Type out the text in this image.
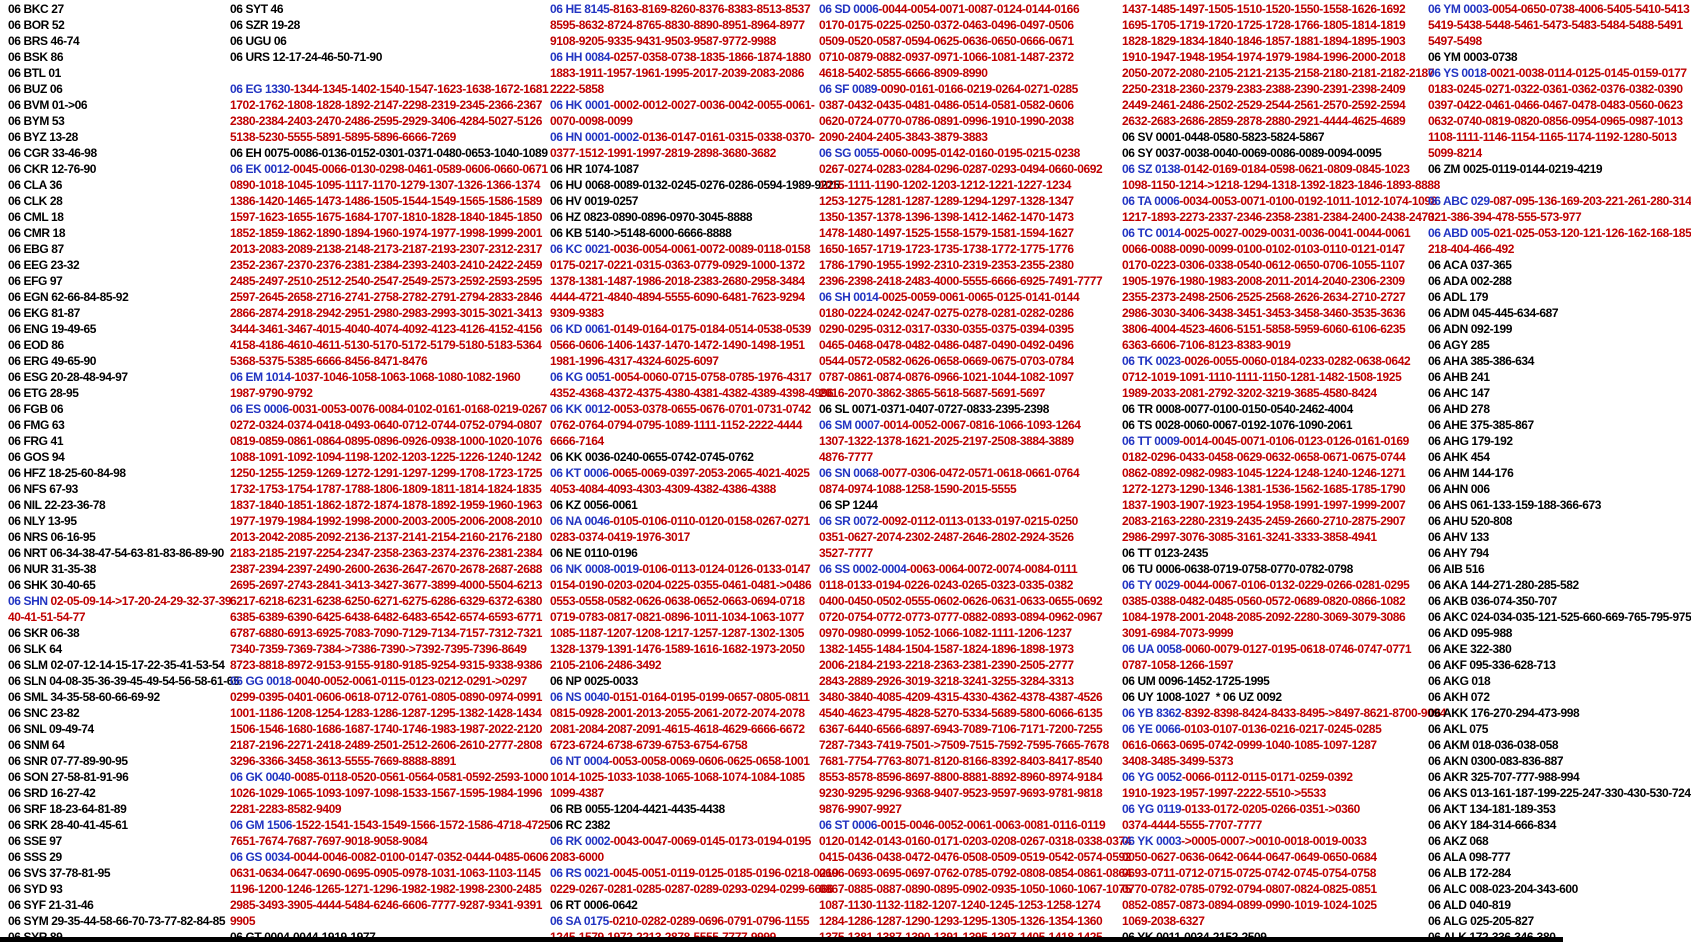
06 BKC 27
06 BOR 52
06 BRS 46-74
06 BSK 86
06 BTL 01
06 BUZ 06
06 BVM 01->06
06 BYM 53
06 BYZ 13-28
06 CGR 33-46-98
06 CKR 12-76-90
06 CLA 36
06 CLK 28
06 CML 18
06 CMR 18
06 EBG 87
06 EEG 23-32
06 EFG 97
06 EGN 62-66-84-85-92
06 EKG 81-87
06 ENG 19-49-65
06 EOD 86
06 ERG 49-65-90
06 ESG 20-28-48-94-97
06 ETG 28-95
06 FGB 06
06 FMG 63
06 FRG 41
06 GOS 94
06 HFZ 18-25-60-84-98
06 NFS 67-93
06 NIL 22-23-36-78
06 NLY 13-95
06 NRS 06-16-95
06 NRT 06-34-38-47-54-63-81-83-86-89-90
06 NUR 31-35-38
06 SHK 30-40-65
06 SHN 02-05-09-14->17-20-24-29-32-37-39
40-41-51-54-77
06 SKR 06-38
06 SLK 64
06 SLM 02-07-12-14-15-17-22-35-41-53-54
06 SLN 04-08-35-36-39-45-49-54-56-58-61-65
06 SML 34-35-58-60-66-69-92
06 SNC 23-82
06 SNL 09-49-74
06 SNM 64
06 SNR 07-77-89-90-95
06 SON 27-58-81-91-96
06 SRD 16-27-42
06 SRF 18-23-64-81-89
06 SRK 28-40-41-45-61
06 SSE 97
06 SSS 29
06 SVS 37-78-81-95
06 SYD 93
06 SYF 21-31-46
06 SYM 29-35-44-58-66-70-73-77-82-84-85
06 SYT 46
06 SZR 19-28
06 UGU 06
06 URS 12-17-24-46-50-71-90

06 EG 1330-1344-1345-1402-1540-1547-1623-1638-1672-1681
1702-1762-1808-1828-1892-2147-2298-2319-2345-2366-2367
2380-2384-2403-2470-2486-2595-2929-3406-4284-5027-5126
5138-5230-5555-5891-5895-5896-6666-7269
06 EH 0075-0086-0136-0152-0301-0371-0480-0653-1040-1089
06 EK 0012-0045-0066-0130-0298-0461-0589-0606-0660-0671
0890-1018-1045-1095-1117-1170-1279-1307-1326-1366-1374
1386-1420-1465-1473-1486-1505-1544-1549-1565-1586-1589
1597-1623-1655-1675-1684-1707-1810-1828-1840-1845-1850
1852-1859-1862-1890-1894-1960-1974-1977-1998-1999-2001
2013-2083-2089-2138-2148-2173-2187-2193-2307-2312-2317
2352-2367-2370-2376-2381-2384-2393-2403-2410-2422-2459
2485-2497-2510-2512-2540-2547-2549-2573-2592-2593-2595
2597-2645-2658-2716-2741-2758-2782-2791-2794-2833-2846
2866-2874-2918-2942-2951-2980-2983-2993-3015-3021-3413
3444-3461-3467-4015-4040-4074-4092-4123-4126-4152-4156
4158-4186-4610-4611-5130-5170-5172-5179-5180-5183-5364
5368-5375-5385-6666-8456-8471-8476
06 EM 1014-1037-1046-1058-1063-1068-1080-1082-1960
1987-9790-9792
06 ES 0006-0031-0053-0076-0084-0102-0161-0168-0219-0267
0272-0324-0374-0418-0493-0640-0712-0744-0752-0794-0807
0819-0859-0861-0864-0895-0896-0926-0938-1000-1020-1076
1088-1091-1092-1094-1198-1202-1203-1225-1226-1240-1242
1250-1255-1259-1269-1272-1291-1297-1299-1708-1723-1725
1732-1753-1754-1787-1788-1806-1809-1811-1814-1824-1835
1837-1840-1851-1862-1872-1874-1878-1892-1959-1960-1963
1977-1979-1984-1992-1998-2000-2003-2005-2006-2008-2010
2013-2042-2085-2092-2136-2137-2141-2154-2160-2176-2180
2183-2185-2197-2254-2347-2358-2363-2374-2376-2381-2384
2387-2394-2397-2490-2600-2636-2647-2670-2678-2687-2688
2695-2697-2743-2841-3413-3427-3677-3899-4000-5504-6213
6217-6218-6231-6238-6250-6271-6275-6286-6329-6372-6380
6385-6389-6390-6425-6438-6482-6483-6542-6574-6593-6771
6787-6880-6913-6925-7083-7090-7129-7134-7157-7312-7321
7340-7359-7369-7384->7386-7390->7392-7395-7396-8649
8723-8818-8972-9153-9155-9180-9185-9254-9315-9338-9386
06 GG 0018-0040-0052-0061-0115-0123-0212-0291->0297
0299-0395-0401-0606-0618-0712-0761-0805-0890-0974-0991
1001-1186-1208-1254-1283-1286-1287-1295-1382-1428-1434
1506-1546-1680-1686-1687-1740-1746-1983-1987-2022-2120
2187-2196-2271-2418-2489-2501-2512-2606-2610-2777-2808
3296-3366-3458-3613-5555-7669-8888-8891
06 GK 0040-0085-0118-0520-0561-0564-0581-0592-2593-1000
1026-1029-1065-1093-1097-1098-1533-1567-1595-1984-1996
2281-2283-8582-9409
06 GM 1506-1522-1541-1543-1549-1566-1572-1586-4718-4725
7651-7674-7687-7697-9018-9058-9084
06 GS 0034-0044-0046-0082-0100-0147-0352-0444-0485-0606
0631-0634-0647-0690-0695-0905-0978-1031-1063-1103-1145
1196-1200-1246-1265-1271-1296-1982-1982-1998-2300-2485
2985-3493-3905-4444-5484-6246-6606-7777-9287-9341-9391
9905
06 HE 8145-8163-8169-8260-8376-8383-8513-8537
8595-8632-8724-8765-8830-8890-8951-8964-8977
9108-9205-9335-9431-9503-9587-9772-9988
06 HH 0084-0257-0358-0738-1835-1866-1874-1880
1883-1911-1957-1961-1995-2017-2039-2083-2086
2222-5858
06 HK 0001-0002-0012-0027-0036-0042-0055-0061-
0070-0098-0099
06 HN 0001-0002-0136-0147-0161-0315-0338-0370-
0377-1512-1991-1997-2819-2898-3680-3682
06 HR 1074-1087
06 HU 0068-0089-0132-0245-0276-0286-0594-1989-9225
06 HV 0019-0257
06 HZ 0823-0890-0896-0970-3045-8888
06 KB 5140->5148-6000-6666-8888
06 KC 0021-0036-0054-0061-0072-0089-0118-0158
0175-0217-0221-0315-0363-0779-0929-1000-1372
1378-1381-1487-1986-2018-2383-2680-2958-3484
4444-4721-4840-4894-5555-6090-6481-7623-9294
9309-9383
06 KD 0061-0149-0164-0175-0184-0514-0538-0539
0566-0606-1406-1437-1470-1472-1490-1498-1951
1981-1996-4317-4324-6025-6097
06 KG 0051-0054-0060-0715-0758-0785-1976-4317
4352-4368-4372-4375-4380-4381-4382-4389-4398-4996
06 KK 0012-0053-0378-0655-0676-0701-0731-0742
0762-0764-0794-0795-1089-1111-1152-2222-4444
6666-7164
06 KK 0036-0240-0655-0742-0745-0762
06 KT 0006-0065-0069-0397-2053-2065-4021-4025
4053-4084-4093-4303-4309-4382-4386-4388
06 KZ 0056-0061
06 NA 0046-0105-0106-0110-0120-0158-0267-0271
0283-0374-0419-1976-3017
06 NE 0110-0196
06 NK 0008-0019-0106-0113-0124-0126-0133-0147
0154-0190-0203-0204-0225-0355-0461-0481->0486
0553-0558-0582-0626-0638-0652-0663-0694-0718
0719-0783-0817-0821-0896-1011-1034-1063-1077
1085-1187-1207-1208-1217-1257-1287-1302-1305
1328-1379-1391-1476-1589-1616-1682-1973-2050
2105-2106-2486-3492
06 NP 0025-0033
06 NS 0040-0151-0164-0195-0199-0657-0805-0811
0815-0928-2001-2013-2055-2061-2072-2074-2078
2081-2084-2087-2091-4615-4618-4629-6666-6672
6723-6724-6738-6739-6753-6754-6758
06 NT 0004-0053-0058-0069-0606-0625-0658-1001
1014-1025-1033-1038-1065-1068-1074-1084-1085
1099-4387
06 RB 0055-1204-4421-4435-4438
06 RC 2382
06 RK 0002-0043-0047-0069-0145-0173-0194-0195
2083-6000
06 RS 0021-0045-0051-0119-0125-0185-0196-0218-0219
0229-0267-0281-0285-0287-0289-0293-0294-0299-6666
06 RT 0006-0642
06 SA 0175-0210-0282-0289-0696-0791-0796-1155
06 SD 0006-0044-0054-0071-0087-0124-0144-0166
0170-0175-0225-0250-0372-0463-0496-0497-0506
0509-0520-0587-0594-0625-0636-0650-0666-0671
0710-0879-0882-0937-0971-1066-1081-1487-2372
4618-5402-5855-6666-8909-8990
06 SF 0089-0090-0161-0166-0219-0264-0271-0285
0387-0432-0435-0481-0486-0514-0581-0582-0606
0620-0724-0770-0786-0891-0996-1910-1990-2038
2090-2404-2405-3843-3879-3883
06 SG 0055-0060-0095-0142-0160-0195-0215-0238
0267-0274-0283-0284-0296-0287-0293-0494-0660-0692
1015-1111-1190-1202-1203-1212-1221-1227-1234
1253-1275-1281-1287-1289-1294-1297-1328-1347
1350-1357-1378-1396-1398-1412-1462-1470-1473
1478-1480-1497-1525-1558-1579-1581-1594-1627
1650-1657-1719-1723-1735-1738-1772-1775-1776
1786-1790-1955-1992-2310-2319-2353-2355-2380
2396-2398-2418-2483-4000-5555-6666-6925-7491-7777
06 SH 0014-0025-0059-0061-0065-0125-0141-0144
0180-0224-0242-0247-0275-0278-0281-0282-0286
0290-0295-0312-0317-0330-0355-0375-0394-0395
0465-0468-0478-0482-0486-0487-0490-0492-0496
0544-0572-0582-0626-0658-0669-0675-0703-0784
0787-0861-0874-0876-0966-1021-1044-1082-1097
2016-2070-3862-3865-5618-5687-5691-5697
06 SL 0071-0371-0407-0727-0833-2395-2398
06 SM 0007-0014-0052-0067-0816-1066-1093-1264
1307-1322-1378-1621-2025-2197-2508-3884-3889
4876-7777
06 SN 0068-0077-0306-0472-0571-0618-0661-0764
0874-0974-1088-1258-1590-2015-5555
06 SP 1244
06 SR 0072-0092-0112-0113-0133-0197-0215-0250
0351-0627-2074-2302-2487-2646-2802-2924-3526
3527-7777
06 SS 0002-0004-0063-0064-0072-0074-0084-0111
0118-0133-0194-0226-0243-0265-0323-0335-0382
0400-0450-0502-0555-0602-0626-0631-0633-0655-0692
0720-0754-0772-0773-0777-0882-0893-0894-0962-0967
0970-0980-0999-1052-1066-1082-1111-1206-1237
1382-1455-1484-1504-1587-1824-1896-1898-1973
2006-2184-2193-2218-2363-2381-2390-2505-2777
2843-2889-2926-3019-3218-3241-3255-3284-3313
3480-3840-4085-4209-4315-4330-4362-4378-4387-4526
4540-4623-4795-4828-5270-5334-5689-5800-6066-6135
6367-6440-6566-6897-6943-7089-7106-7171-7200-7255
7287-7343-7419-7501->7509-7515-7592-7595-7665-7678
7681-7754-7763-8071-8120-8166-8392-8403-8417-8540
8553-8578-8596-8697-8800-8881-8892-8960-8974-9184
9230-9295-9296-9368-9407-9523-9597-9693-9781-9818
9876-9907-9927
06 ST 0006-0015-0046-0052-0061-0063-0081-0116-0119
0120-0142-0143-0160-0171-0203-0208-0267-0318-0338-0374
0415-0436-0438-0472-0476-0508-0509-0519-0542-0574-0592
0606-0693-0695-0697-0762-0785-0792-0808-0854-0861-0864
0867-0885-0887-0890-0895-0902-0935-1050-1060-1067-1075
1087-1130-1132-1182-1207-1240-1245-1253-1258-1274
1284-1286-1287-1290-1293-1295-1305-1326-1354-1360
1437-1485-1497-1505-1510-1520-1550-1558-1626-1692
1695-1705-1719-1720-1725-1728-1766-1805-1814-1819
1828-1829-1834-1840-1846-1857-1881-1894-1895-1903
1910-1947-1948-1954-1974-1979-1984-1996-2000-2018
2050-2072-2080-2105-2121-2135-2158-2180-2181-2182-2187
2250-2318-2360-2379-2383-2388-2390-2391-2398-2409
2449-2461-2486-2502-2529-2544-2561-2570-2592-2594
2632-2683-2686-2859-2878-2880-2921-4444-4625-4689
06 SV 0001-0448-0580-5823-5824-5867
06 SY 0037-0038-0040-0069-0086-0089-0094-0095
06 SZ 0138-0142-0169-0184-0598-0621-0809-0845-1023
1098-1150-1214->1218-1294-1318-1392-1823-1846-1893-8888
06 TA 0006-0034-0053-0071-0100-0192-1011-1012-1074-1098
1217-1893-2273-2337-2346-2358-2381-2384-2400-2438-2470
06 TC 0014-0025-0027-0029-0031-0036-0041-0044-0061
0066-0088-0090-0099-0100-0102-0103-0110-0121-0147
0170-0223-0306-0338-0540-0612-0650-0706-1055-1107
1905-1976-1980-1983-2008-2011-2014-2040-2306-2309
2355-2373-2498-2506-2525-2568-2626-2634-2710-2727
2986-3030-3406-3438-3451-3453-3458-3460-3535-3636
3806-4004-4523-4606-5151-5858-5959-6060-6106-6235
6363-6606-7106-8123-8383-9019
06 TK 0023-0026-0055-0060-0184-0233-0282-0638-0642
0712-1019-1091-1110-1111-1150-1281-1482-1508-1925
1989-2033-2081-2792-3202-3219-3685-4580-8424
06 TR 0008-0077-0100-0150-0540-2462-4004
06 TS 0028-0060-0067-0192-1076-1090-2061
06 TT 0009-0014-0045-0071-0106-0123-0126-0161-0169
0182-0296-0433-0458-0629-0632-0658-0671-0675-0744
0862-0892-0982-0983-1045-1224-1248-1240-1246-1271
1272-1273-1290-1346-1381-1536-1562-1685-1785-1790
1837-1903-1907-1923-1954-1958-1991-1997-1999-2007
2083-2163-2280-2319-2435-2459-2660-2710-2875-2907
2986-2997-3076-3085-3161-3241-3333-3858-4941
06 TT 0123-2435
06 TU 0006-0638-0719-0758-0770-0782-0798
06 TY 0029-0044-0067-0106-0132-0229-0266-0281-0295
0385-0388-0482-0485-0560-0572-0689-0820-0866-1082
1084-1978-2001-2048-2085-2092-2280-3069-3079-3086
3091-6984-7073-9999
06 UA 0058-0060-0079-0127-0195-0618-0746-0747-0771
0787-1058-1266-1597
06 UM 0096-1452-1725-1995
06 UY 1008-1027  * 06 UZ 0092
06 YB 8362-8392-8398-8424-8433-8495->8497-8621-8700-9094
06 YE 0066-0103-0107-0136-0216-0217-0245-0285
0616-0663-0695-0742-0999-1040-1085-1097-1287
3408-3485-3499-5373
06 YG 0052-0066-0112-0115-0171-0259-0392
1910-1923-1957-1997-2222-5510->5533
06 YG 0119-0133-0172-0205-0266-0351->0360
0374-4444-5555-7707-7777
06 YK 0003->0005-0007->0010-0018-0019-0033
0050-0627-0636-0642-0644-0647-0649-0650-0684
0693-0711-0712-0715-0725-0742-0745-0754-0758
0770-0782-0785-0792-0794-0807-0824-0825-0851
0852-0857-0873-0894-0899-0990-1019-1024-1025
1069-2038-6327
06 YM 0003-0054-0650-0738-4006-5405-5410-5413
5419-5438-5448-5461-5473-5483-5484-5488-5491
5497-5498
06 YM 0003-0738
06 YS 0018-0021-0038-0114-0125-0145-0159-0177
0183-0245-0271-0322-0361-0362-0376-0382-0390
0397-0422-0461-0466-0467-0478-0483-0560-0623
0632-0740-0819-0820-0856-0954-0965-0987-1013
1108-1111-1146-1154-1165-1174-1192-1280-5013
5099-8214
06 ZM 0025-0119-0144-0219-4219

06 ABC 029-087-095-136-169-203-221-261-280-314
321-386-394-478-555-573-977
06 ABD 005-021-025-053-120-121-126-162-168-185
218-404-466-492
06 ACA 037-365
06 ADA 002-288
06 ADL 179
06 ADM 045-445-634-687
06 ADN 092-199
06 AGY 285
06 AHA 385-386-634
06 AHB 241
06 AHC 147
06 AHD 278
06 AHE 375-385-867
06 AHG 179-192
06 AHK 454
06 AHM 144-176
06 AHN 006
06 AHS 061-133-159-188-366-673
06 AHU 520-808
06 AHV 133
06 AHY 794
06 AIB 516
06 AKA 144-271-280-285-582
06 AKB 036-074-350-707
06 AKC 024-034-035-121-525-660-669-765-795-975
06 AKD 095-988
06 AKE 322-380
06 AKF 095-336-628-713
06 AKG 018
06 AKH 072
06 AKK 176-270-294-473-998
06 AKL 075
06 AKM 018-036-038-058
06 AKN 0300-083-836-887
06 AKR 325-707-777-988-994
06 AKS 013-161-187-199-225-247-330-430-530-724
06 AKT 134-181-189-353
06 AKY 184-314-666-834
06 AKZ 068
06 ALA 098-777
06 ALB 172-284
06 ALC 008-023-204-343-600
06 ALD 040-819
06 ALG 025-205-827
